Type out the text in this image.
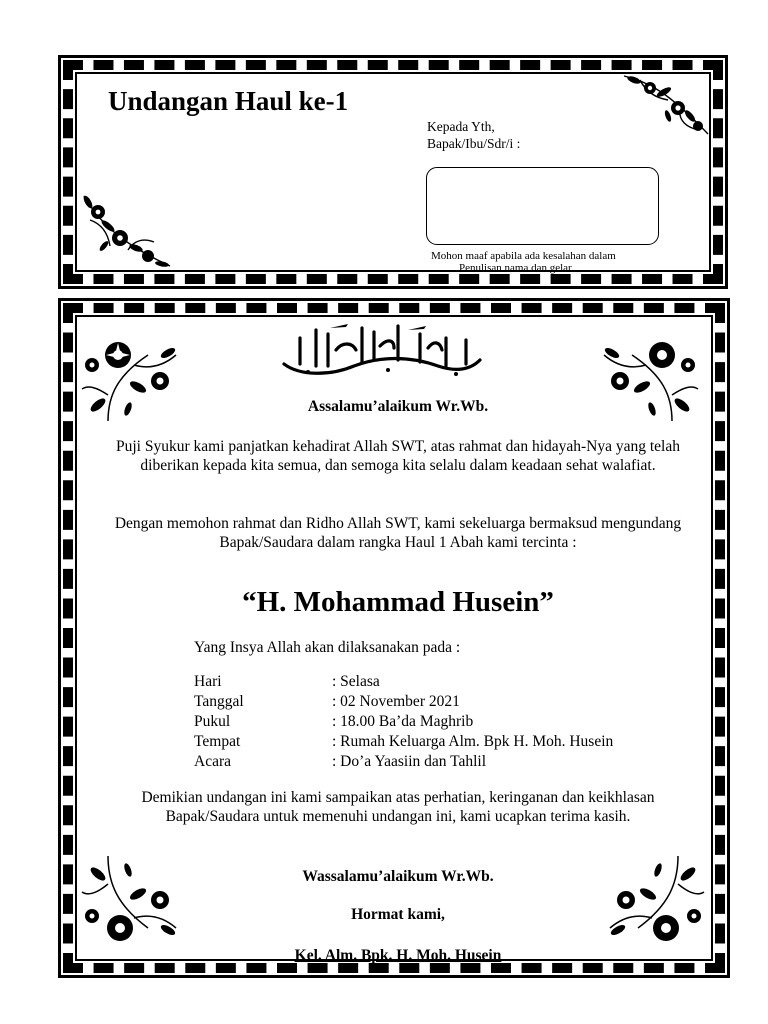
Undangan Haul ke-1
Kepada Yth,
Bapak/Ibu/Sdr/i :
Mohon maaf apabila ada kesalahan dalam
Penulisan nama dan gelar
Assalamu’alaikum Wr.Wb.
Puji Syukur kami panjatkan kehadirat Allah SWT, atas rahmat dan hidayah-Nya yang telah diberikan kepada kita semua, dan semoga kita selalu dalam keadaan sehat walafiat.
Dengan memohon rahmat dan Ridho Allah SWT, kami sekeluarga bermaksud mengundang Bapak/Saudara dalam rangka Haul 1 Abah kami tercinta :
“H. Mohammad Husein”
Yang Insya Allah akan dilaksanakan pada :
Hari	: Selasa
Tanggal	: 02 November 2021
Pukul	: 18.00 Ba’da Maghrib
Tempat	: Rumah Keluarga Alm. Bpk H. Moh. Husein
Acara	: Do’a Yaasiin dan Tahlil
Demikian undangan ini kami sampaikan atas perhatian, keringanan dan keikhlasan Bapak/Saudara untuk memenuhi undangan ini, kami ucapkan terima kasih.
Wassalamu’alaikum Wr.Wb.
Hormat kami,
Kel. Alm. Bpk. H. Moh. Husein
